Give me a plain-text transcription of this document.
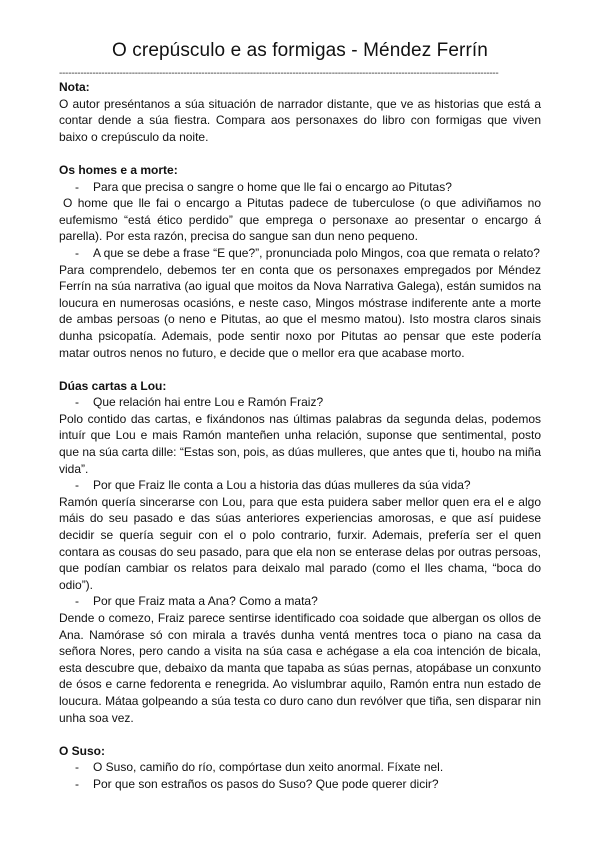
O crepúsculo e as formigas - Méndez Ferrín
-------------------------------------------------------------------------------------------------------------------------------------------------
Nota:

O autor preséntanos a súa situación de narrador distante, que ve as historias que está a contar dende a súa fiestra. Compara aos personaxes do libro con formigas que viven baixo o crepúsculo da noite.

Os homes e a morte:
-	Para que precisa o sangre o home que lle fai o encargo ao Pitutas?

O home que lle fai o encargo a Pitutas padece de tuberculose (o que adiviñamos no eufemismo “está ético perdido” que emprega o personaxe ao presentar o encargo á parella). Por esta razón, precisa do sangue san dun neno pequeno.

-	A que se debe a frase “E que?”, pronunciada polo Mingos, coa que remata o relato?

Para comprendelo, debemos ter en conta que os personaxes empregados por Méndez Ferrín na súa narrativa (ao igual que moitos da Nova Narrativa Galega), están sumidos na loucura en numerosas ocasións, e neste caso, Mingos móstrase indiferente ante a morte de ambas persoas (o neno e Pitutas, ao que el mesmo matou). Isto mostra claros sinais dunha psicopatía. Ademais, pode sentir noxo por Pitutas ao pensar que este podería matar outros nenos no futuro, e decide que o mellor era que acabase morto.

Dúas cartas a Lou:
-	Que relación hai entre Lou e Ramón Fraiz?

Polo contido das cartas, e fixándonos nas últimas palabras da segunda delas, podemos intuír que Lou e mais Ramón manteñen unha relación, suponse que sentimental, posto que na súa carta dille: “Estas son, pois, as dúas mulleres, que antes que ti, houbo na miña vida”.

-	Por que Fraiz lle conta a Lou a historia das dúas mulleres da súa vida?

Ramón quería sincerarse con Lou, para que esta puidera saber mellor quen era el e algo máis do seu pasado e das súas anteriores experiencias amorosas, e que así puidese decidir se quería seguir con el o polo contrario, furxir. Ademais, prefería ser el quen contara as cousas do seu pasado, para que ela non se enterase delas por outras persoas, que podían cambiar os relatos para deixalo mal parado (como el lles chama, “boca do odio”).

-	Por que Fraiz mata a Ana? Como a mata?

Dende o comezo, Fraiz parece sentirse identificado coa soidade que albergan os ollos de Ana. Namórase só con mirala a través dunha ventá mentres toca o piano na casa da señora Nores, pero cando a visita na súa casa e achégase a ela coa intención de bicala, esta descubre que, debaixo da manta que tapaba as súas pernas, atopábase un conxunto de ósos e carne fedorenta e renegrida. Ao vislumbrar aquilo, Ramón entra nun estado de loucura. Mátaa golpeando a súa testa co duro cano dun revólver que tiña, sen disparar nin unha soa vez.

O Suso:
-	O Suso, camiño do río, compórtase dun xeito anormal. Fíxate nel.
-	Por que son estraños os pasos do Suso? Que pode querer dicir?
